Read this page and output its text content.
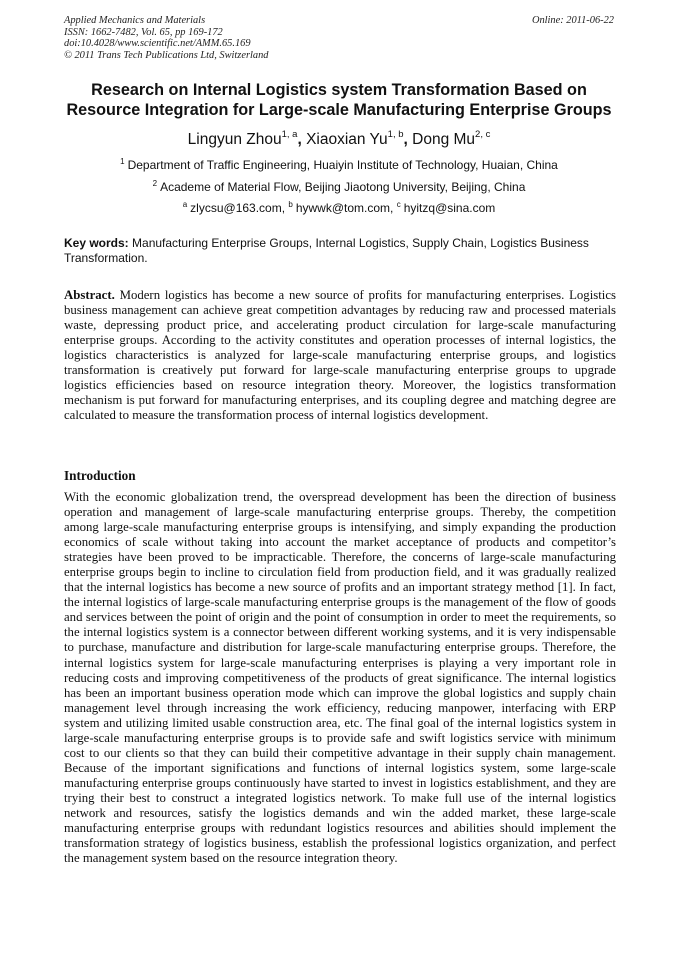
Applied Mechanics and Materials
ISSN: 1662-7482, Vol. 65, pp 169-172
doi:10.4028/www.scientific.net/AMM.65.169
© 2011 Trans Tech Publications Ltd, Switzerland
Online: 2011-06-22
Research on Internal Logistics system Transformation Based on
Resource Integration for Large-scale Manufacturing Enterprise Groups
Lingyun Zhou$^{1, a}$, Xiaoxian Yu$^{1, b}$, Dong Mu$^{2, c}$
$^1$ Department of Traffic Engineering, Huaiyin Institute of Technology, Huaian, China
$^2$ Academe of Material Flow, Beijing Jiaotong University, Beijing, China
$^a$ zlycsu@163.com, $^b$ hywwk@tom.com, $^c$ hyitzq@sina.com
Key words: Manufacturing Enterprise Groups, Internal Logistics, Supply Chain, Logistics Business Transformation.
Abstract. Modern logistics has become a new source of profits for manufacturing enterprises. Logistics business management can achieve great competition advantages by reducing raw and processed materials waste, depressing product price, and accelerating product circulation for large-scale manufacturing enterprise groups. According to the activity constitutes and operation processes of internal logistics, the logistics characteristics is analyzed for large-scale manufacturing enterprise groups, and logistics transformation is creatively put forward for large-scale manufacturing enterprise groups to upgrade logistics efficiencies based on resource integration theory. Moreover, the logistics transformation mechanism is put forward for manufacturing enterprises, and its coupling degree and matching degree are calculated to measure the transformation process of internal logistics development.
Introduction
With the economic globalization trend, the overspread development has been the direction of business operation and management of large-scale manufacturing enterprise groups. Thereby, the competition among large-scale manufacturing enterprise groups is intensifying, and simply expanding the production economics of scale without taking into account the market acceptance of products and competitor’s strategies have been proved to be impracticable. Therefore, the concerns of large-scale manufacturing enterprise groups begin to incline to circulation field from production field, and it was gradually realized that the internal logistics has become a new source of profits and an important strategy method [1]. In fact, the internal logistics of large-scale manufacturing enterprise groups is the management of the flow of goods and services between the point of origin and the point of consumption in order to meet the requirements, so the internal logistics system is a connector between different working systems, and it is very indispensable to purchase, manufacture and distribution for large-scale manufacturing enterprise groups. Therefore, the internal logistics system for large-scale manufacturing enterprises is playing a very important role in reducing costs and improving competitiveness of the products of great significance. The internal logistics has been an important business operation mode which can improve the global logistics and supply chain management level through increasing the work efficiency, reducing manpower, interfacing with ERP system and utilizing limited usable construction area, etc. The final goal of the internal logistics system in large-scale manufacturing enterprise groups is to provide safe and swift logistics service with minimum cost to our clients so that they can build their competitive advantage in their supply chain management. Because of the important significations and functions of internal logistics system, some large-scale manufacturing enterprise groups continuously have started to invest in logistics establishment, and they are trying their best to construct a integrated logistics network. To make full use of the internal logistics network and resources, satisfy the logistics demands and win the added market, these large-scale manufacturing enterprise groups with redundant logistics resources and abilities should implement the transformation strategy of logistics business, establish the professional logistics organization, and perfect the management system based on the resource integration theory.
